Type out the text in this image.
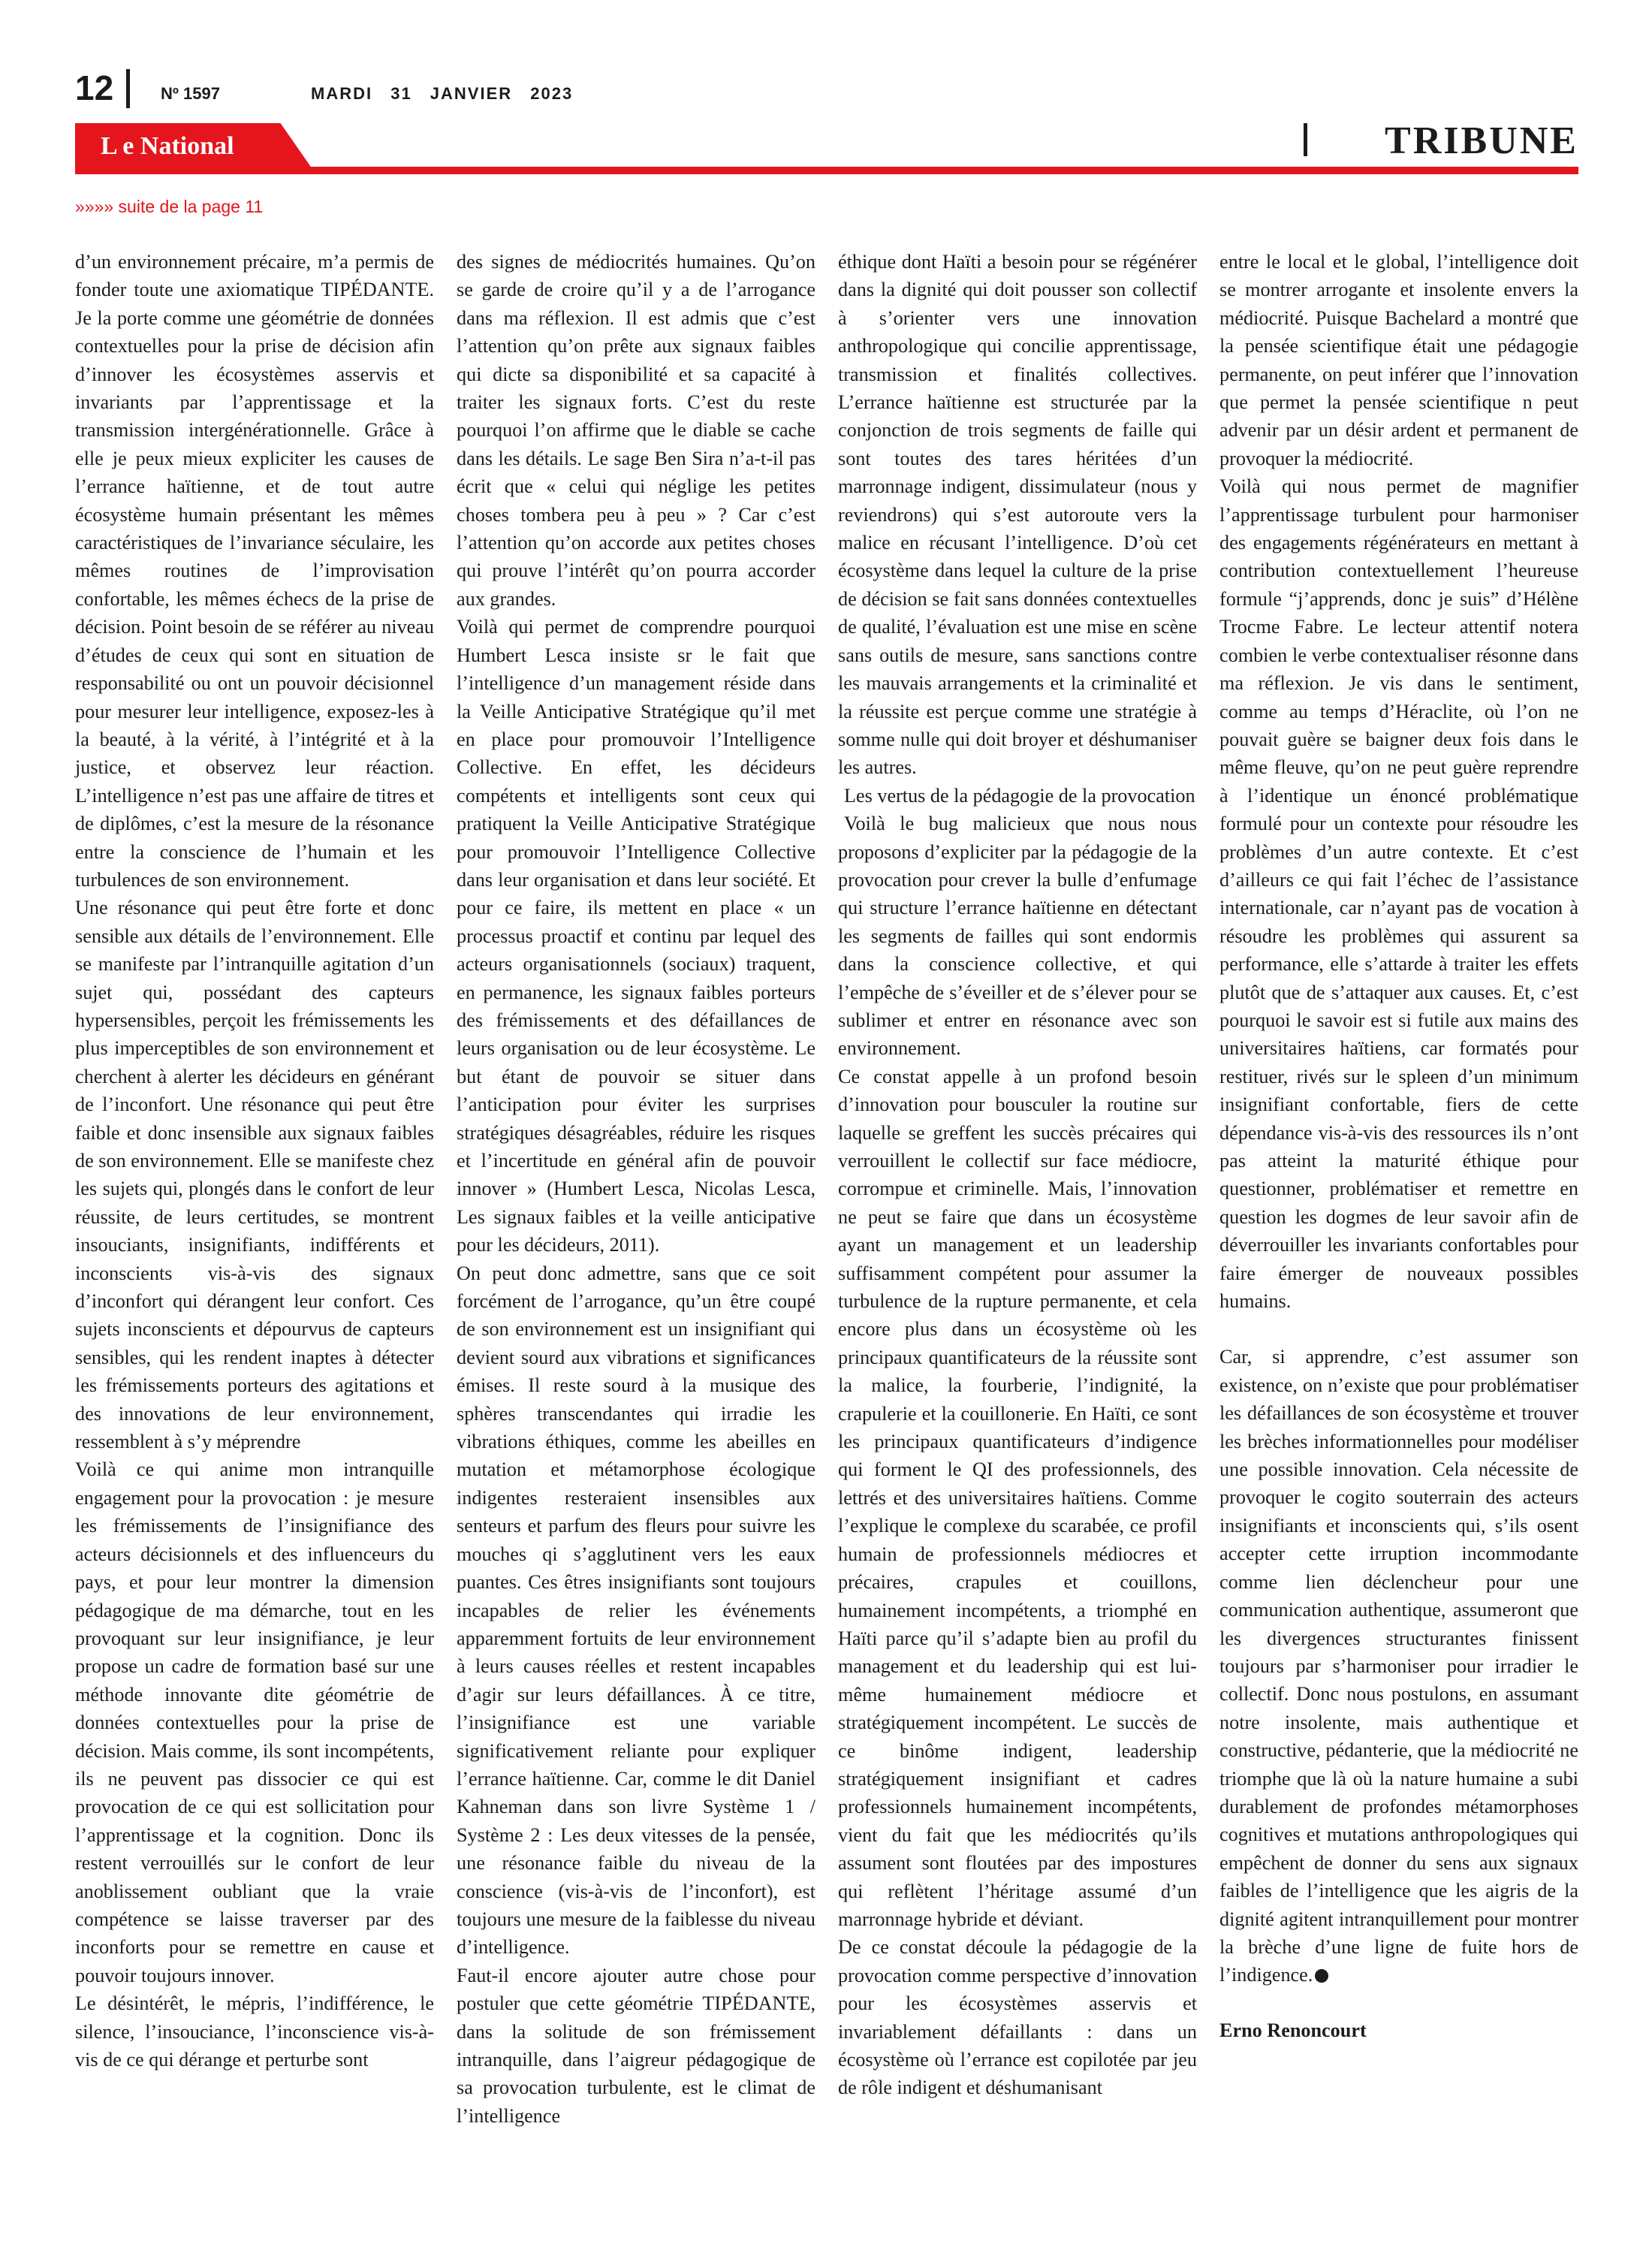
12	Nº 1597	MARDI 31 JANVIER 2023
L e National	TRIBUNE
»»»» suite de la page 11

d’un environnement précaire, m’a permis de fonder toute une axiomatique TIPÉDANTE. Je la porte comme une géométrie de données contextuelles pour la prise de décision afin d’innover les écosystèmes asservis et invariants par l’apprentissage et la transmission intergénérationnelle. Grâce à elle je peux mieux expliciter les causes de l’errance haïtienne, et de tout autre écosystème humain présentant les mêmes caractéristiques de l’invariance séculaire, les mêmes routines de l’improvisation confortable, les mêmes échecs de la prise de décision. Point besoin de se référer au niveau d’études de ceux qui sont en situation de responsabilité ou ont un pouvoir décisionnel pour mesurer leur intelligence, exposez-les à la beauté, à la vérité, à l’intégrité et à la justice, et observez leur réaction. L’intelligence n’est pas une affaire de titres et de diplômes, c’est la mesure de la résonance entre la conscience de l’humain et les turbulences de son environnement.

Une résonance qui peut être forte et donc sensible aux détails de l’environnement. Elle se manifeste par l’intranquille agitation d’un sujet qui, possédant des capteurs hypersensibles, perçoit les frémissements les plus imperceptibles de son environnement et cherchent à alerter les décideurs en générant de l’inconfort. Une résonance qui peut être faible et donc insensible aux signaux faibles de son environnement. Elle se manifeste chez les sujets qui, plongés dans le confort de leur réussite, de leurs certitudes, se montrent insouciants, insignifiants, indifférents et inconscients vis-à-vis des signaux d’inconfort qui dérangent leur confort. Ces sujets inconscients et dépourvus de capteurs sensibles, qui les rendent inaptes à détecter les frémissements porteurs des agitations et des innovations de leur environnement, ressemblent à s’y méprendre

Voilà ce qui anime mon intranquille engagement pour la provocation : je mesure les frémissements de l’insignifiance des acteurs décisionnels et des influenceurs du pays, et pour leur montrer la dimension pédagogique de ma démarche, tout en les provoquant sur leur insignifiance, je leur propose un cadre de formation basé sur une méthode innovante dite géométrie de données contextuelles pour la prise de décision. Mais comme, ils sont incompétents, ils ne peuvent pas dissocier ce qui est provocation de ce qui est sollicitation pour l’apprentissage et la cognition. Donc ils restent verrouillés sur le confort de leur anoblissement oubliant que la vraie compétence se laisse traverser par des inconforts pour se remettre en cause et pouvoir toujours innover.

Le désintérêt, le mépris, l’indifférence, le silence, l’insouciance, l’inconscience vis-à-vis de ce qui dérange et perturbe sont

des signes de médiocrités humaines. Qu’on se garde de croire qu’il y a de l’arrogance dans ma réflexion. Il est admis que c’est l’attention qu’on prête aux signaux faibles qui dicte sa disponibilité et sa capacité à traiter les signaux forts. C’est du reste pourquoi l’on affirme que le diable se cache dans les détails. Le sage Ben Sira n’a-t-il pas écrit que « celui qui néglige les petites choses tombera peu à peu » ? Car c’est l’attention qu’on accorde aux petites choses qui prouve l’intérêt qu’on pourra accorder aux grandes.

Voilà qui permet de comprendre pourquoi Humbert Lesca insiste sr le fait que l’intelligence d’un management réside dans la Veille Anticipative Stratégique qu’il met en place pour promouvoir l’Intelligence Collective. En effet, les décideurs compétents et intelligents sont ceux qui pratiquent la Veille Anticipative Stratégique pour promouvoir l’Intelligence Collective dans leur organisation et dans leur société. Et pour ce faire, ils mettent en place « un processus proactif et continu par lequel des acteurs organisationnels (sociaux) traquent, en permanence, les signaux faibles porteurs des frémissements et des défaillances de leurs organisation ou de leur écosystème. Le but étant de pouvoir se situer dans l’anticipation pour éviter les surprises stratégiques désagréables, réduire les risques et l’incertitude en général afin de pouvoir innover » (Humbert Lesca, Nicolas Lesca, Les signaux faibles et la veille anticipative pour les décideurs, 2011).

On peut donc admettre, sans que ce soit forcément de l’arrogance, qu’un être coupé de son environnement est un insignifiant qui devient sourd aux vibrations et significances émises. Il reste sourd à la musique des sphères transcendantes qui irradie les vibrations éthiques, comme les abeilles en mutation et métamorphose écologique indigentes resteraient insensibles aux senteurs et parfum des fleurs pour suivre les mouches qi s’agglutinent vers les eaux puantes. Ces êtres insignifiants sont toujours incapables de relier les événements apparemment fortuits de leur environnement à leurs causes réelles et restent incapables d’agir sur leurs défaillances. À ce titre, l’insignifiance est une variable significativement reliante pour expliquer l’errance haïtienne. Car, comme le dit Daniel Kahneman dans son livre Système 1 / Système 2 : Les deux vitesses de la pensée, une résonance faible du niveau de la conscience (vis-à-vis de l’inconfort), est toujours une mesure de la faiblesse du niveau d’intelligence.

Faut-il encore ajouter autre chose pour postuler que cette géométrie TIPÉDANTE, dans la solitude de son frémissement intranquille, dans l’aigreur pédagogique de sa provocation turbulente, est le climat de l’intelligence

éthique dont Haïti a besoin pour se régénérer dans la dignité qui doit pousser son collectif à s’orienter vers une innovation anthropologique qui concilie apprentissage, transmission et finalités collectives. L’errance haïtienne est structurée par la conjonction de trois segments de faille qui sont toutes des tares héritées d’un marronnage indigent, dissimulateur (nous y reviendrons) qui s’est autoroute vers la malice en récusant l’intelligence. D’où cet écosystème dans lequel la culture de la prise de décision se fait sans données contextuelles de qualité, l’évaluation est une mise en scène sans outils de mesure, sans sanctions contre les mauvais arrangements et la criminalité et la réussite est perçue comme une stratégie à somme nulle qui doit broyer et déshumaniser les autres.

Les vertus de la pédagogie de la provocation

Voilà le bug malicieux que nous nous proposons d’expliciter par la pédagogie de la provocation pour crever la bulle d’enfumage qui structure l’errance haïtienne en détectant les segments de failles qui sont endormis dans la conscience collective, et qui l’empêche de s’éveiller et de s’élever pour se sublimer et entrer en résonance avec son environnement.

Ce constat appelle à un profond besoin d’innovation pour bousculer la routine sur laquelle se greffent les succès précaires qui verrouillent le collectif sur face médiocre, corrompue et criminelle. Mais, l’innovation ne peut se faire que dans un écosystème ayant un management et un leadership suffisamment compétent pour assumer la turbulence de la rupture permanente, et cela encore plus dans un écosystème où les principaux quantificateurs de la réussite sont la malice, la fourberie, l’indignité, la crapulerie et la couillonerie. En Haïti, ce sont les principaux quantificateurs d’indigence qui forment le QI des professionnels, des lettrés et des universitaires haïtiens. Comme l’explique le complexe du scarabée, ce profil humain de professionnels médiocres et précaires, crapules et couillons, humainement incompétents, a triomphé en Haïti parce qu’il s’adapte bien au profil du management et du leadership qui est lui-même humainement médiocre et stratégiquement incompétent. Le succès de ce binôme indigent, leadership stratégiquement insignifiant et cadres professionnels humainement incompétents, vient du fait que les médiocrités qu’ils assument sont floutées par des impostures qui reflètent l’héritage assumé d’un marronnage hybride et déviant.

De ce constat découle la pédagogie de la provocation comme perspective d’innovation pour les écosystèmes asservis et invariablement défaillants : dans un écosystème où l’errance est copilotée par jeu de rôle indigent et déshumanisant

entre le local et le global, l’intelligence doit se montrer arrogante et insolente envers la médiocrité. Puisque Bachelard a montré que la pensée scientifique était une pédagogie permanente, on peut inférer que l’innovation que permet la pensée scientifique n peut advenir par un désir ardent et permanent de provoquer la médiocrité.

Voilà qui nous permet de magnifier l’apprentissage turbulent pour harmoniser des engagements régénérateurs en mettant à contribution contextuellement l’heureuse formule “j’apprends, donc je suis” d’Hélène Trocme Fabre. Le lecteur attentif notera combien le verbe contextualiser résonne dans ma réflexion. Je vis dans le sentiment, comme au temps d’Héraclite, où l’on ne pouvait guère se baigner deux fois dans le même fleuve, qu’on ne peut guère reprendre à l’identique un énoncé problématique formulé pour un contexte pour résoudre les problèmes d’un autre contexte. Et c’est d’ailleurs ce qui fait l’échec de l’assistance internationale, car n’ayant pas de vocation à résoudre les problèmes qui assurent sa performance, elle s’attarde à traiter les effets plutôt que de s’attaquer aux causes. Et, c’est pourquoi le savoir est si futile aux mains des universitaires haïtiens, car formatés pour restituer, rivés sur le spleen d’un minimum insignifiant confortable, fiers de cette dépendance vis-à-vis des ressources ils n’ont pas atteint la maturité éthique pour questionner, problématiser et remettre en question les dogmes de leur savoir afin de déverrouiller les invariants confortables pour faire émerger de nouveaux possibles humains.

Car, si apprendre, c’est assumer son existence, on n’existe que pour problématiser les défaillances de son écosystème et trouver les brèches informationnelles pour modéliser une possible innovation. Cela nécessite de provoquer le cogito souterrain des acteurs insignifiants et inconscients qui, s’ils osent accepter cette irruption incommodante comme lien déclencheur pour une communication authentique, assumeront que les divergences structurantes finissent toujours par s’harmoniser pour irradier le collectif. Donc nous postulons, en assumant notre insolente, mais authentique et constructive, pédanterie, que la médiocrité ne triomphe que là où la nature humaine a subi durablement de profondes métamorphoses cognitives et mutations anthropologiques qui empêchent de donner du sens aux signaux faibles de l’intelligence que les aigris de la dignité agitent intranquillement pour montrer la brèche d’une ligne de fuite hors de l’indigence.

Erno Renoncourt
